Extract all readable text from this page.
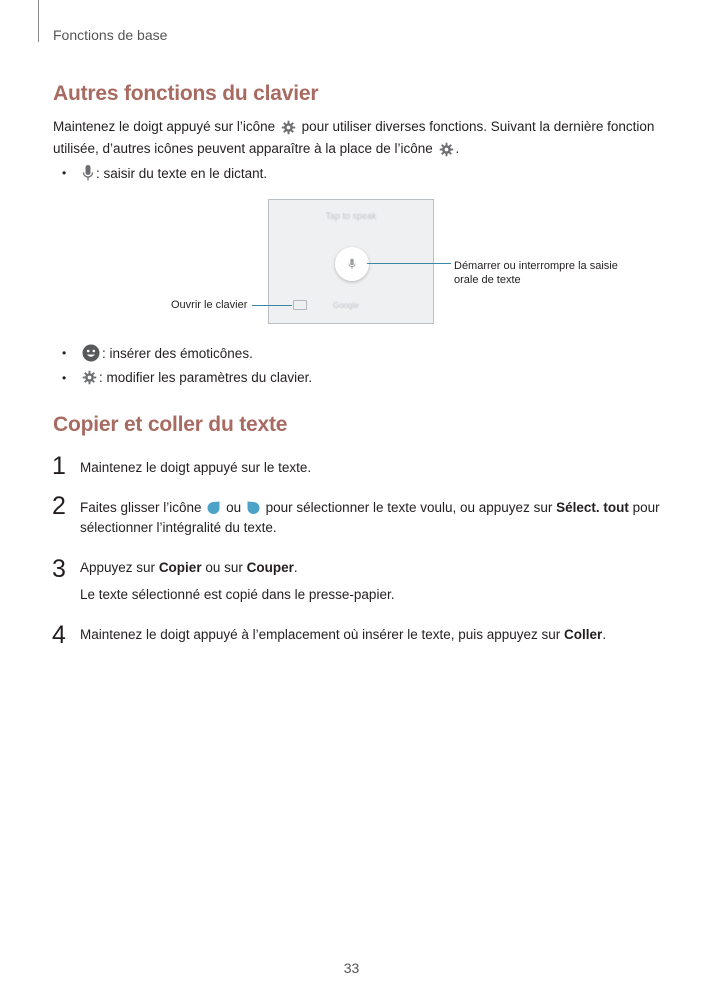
Fonctions de base
Autres fonctions du clavier
Maintenez le doigt appuyé sur l’icône pour utiliser diverses fonctions. Suivant la dernière fonction
utilisée, d’autres icônes peuvent apparaître à la place de l’icône .
•	: saisir du texte en le dictant.
Tap to speak
Google
Démarrer ou interrompre la saisie
orale de texte
Ouvrir le clavier
•	: insérer des émoticônes.
•	: modifier les paramètres du clavier.
Copier et coller du texte
1 Maintenez le doigt appuyé sur le texte.
2 Faites glisser l’icône ou pour sélectionner le texte voulu, ou appuyez sur Sélect. tout pour
sélectionner l’intégralité du texte.
3 Appuyez sur Copier ou sur Couper.
Le texte sélectionné est copié dans le presse-papier.
4 Maintenez le doigt appuyé à l’emplacement où insérer le texte, puis appuyez sur Coller.
33
